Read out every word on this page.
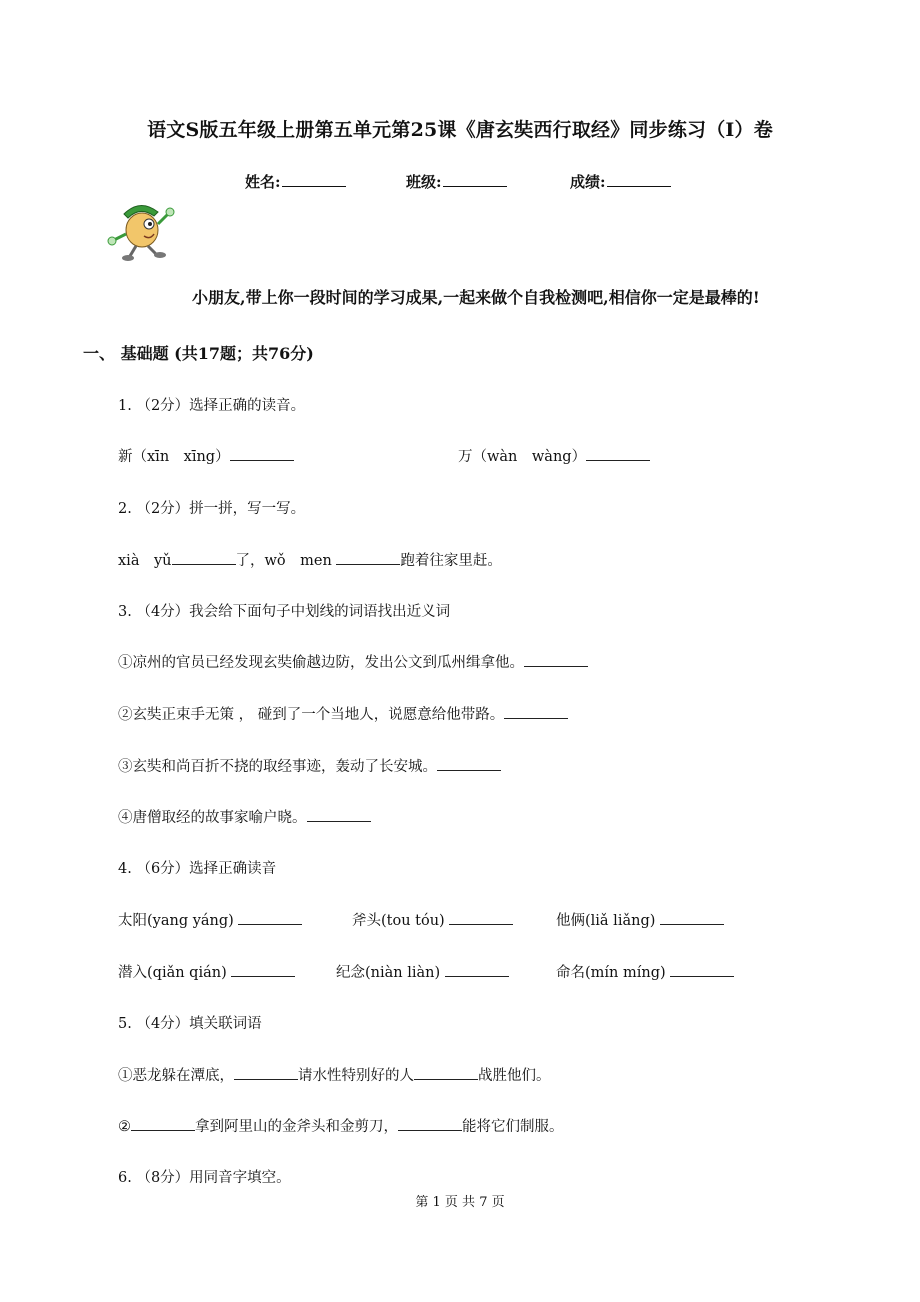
语文S版五年级上册第五单元第25课《唐玄奘西行取经》同步练习（I）卷
姓名:	班级:	成绩:
小朋友,带上你一段时间的学习成果,一起来做个自我检测吧,相信你一定是最棒的!
一、 基础题 (共17题；共76分)
1. （2分）选择正确的读音。
新（xīn　xīng）	万（wàn　wàng）
2. （2分）拼一拼，写一写。
xià　yǔ	了，wǒ　men	跑着往家里赶。
3. （4分）我会给下面句子中划线的词语找出近义词
①凉州的官员已经发现玄奘偷越边防，发出公文到瓜州缉拿他。
②玄奘正束手无策 ， 碰到了一个当地人，说愿意给他带路。
③玄奘和尚百折不挠的取经事迹，轰动了长安城。
④唐僧取经的故事家喻户晓。
4. （6分）选择正确读音
太阳(yang yáng)	斧头(tou tóu)	他俩(liǎ liǎng)
潜入(qiǎn qián)	纪念(niàn liàn)	命名(mín míng)
5. （4分）填关联词语
①恶龙躲在潭底，	请水性特别好的人	战胜他们。
②	拿到阿里山的金斧头和金剪刀，	能将它们制服。
6. （8分）用同音字填空。
第 1 页 共 7 页
